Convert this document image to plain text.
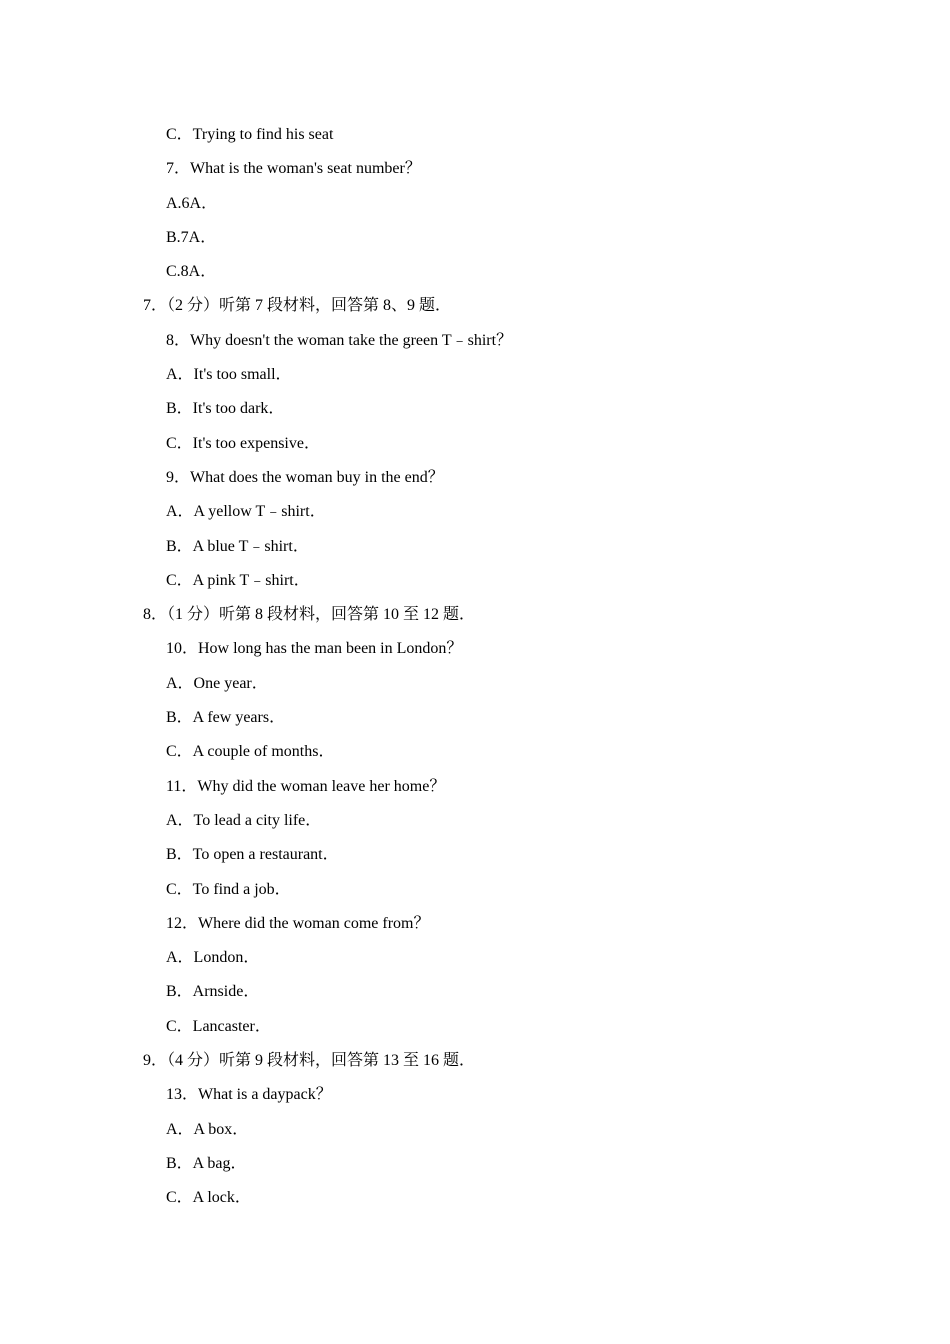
C．Trying to find his seat
7．What is the woman's seat number？
A.6A．
B.7A．
C.8A．
7．（2 分）听第 7 段材料，回答第 8、9 题．
8．Why doesn't the woman take the green T﹣shirt？
A．It's too small．
B．It's too dark．
C．It's too expensive．
9．What does the woman buy in the end？
A．A yellow T﹣shirt．
B．A blue T﹣shirt．
C．A pink T﹣shirt．
8．（1 分）听第 8 段材料，回答第 10 至 12 题．
10．How long has the man been in London？
A．One year．
B．A few years．
C．A couple of months．
11．Why did the woman leave her home？
A．To lead a city life．
B．To open a restaurant．
C．To find a job．
12．Where did the woman come from？
A．London．
B．Arnside．
C．Lancaster．
9．（4 分）听第 9 段材料，回答第 13 至 16 题．
13．What is a daypack？
A．A box．
B．A bag．
C．A lock．
